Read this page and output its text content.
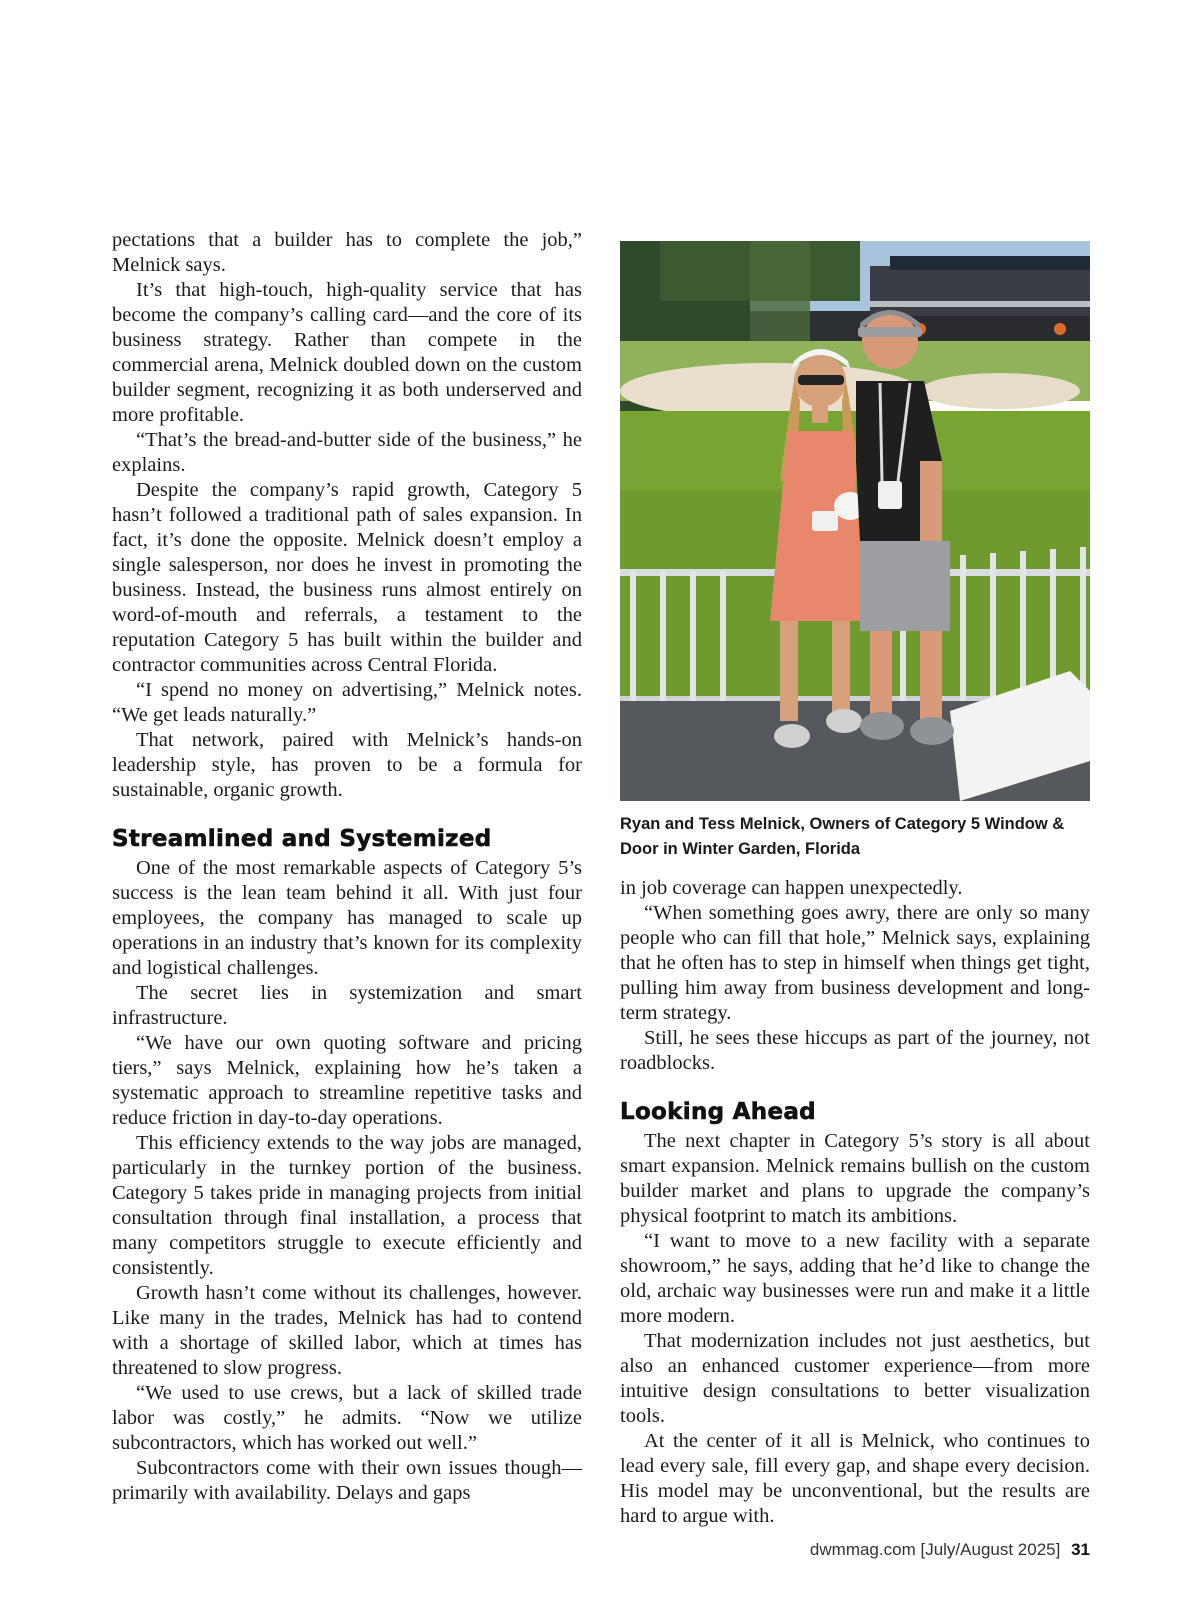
pectations that a builder has to complete the job,” Melnick says.

It’s that high-touch, high-quality service that has become the company’s calling card—and the core of its business strategy. Rather than compete in the commercial arena, Melnick doubled down on the custom builder segment, recognizing it as both underserved and more profitable.

“That’s the bread-and-butter side of the business,” he explains.

Despite the company’s rapid growth, Category 5 hasn’t followed a traditional path of sales expansion. In fact, it’s done the opposite. Melnick doesn’t employ a single salesperson, nor does he invest in promoting the business. Instead, the business runs almost entirely on word-of-mouth and referrals, a testament to the reputation Category 5 has built within the builder and contractor communities across Central Florida.

“I spend no money on advertising,” Melnick notes. “We get leads naturally.”

That network, paired with Melnick’s hands-on leadership style, has proven to be a formula for sustainable, organic growth.

Streamlined and Systemized

One of the most remarkable aspects of Category 5’s success is the lean team behind it all. With just four employees, the company has managed to scale up operations in an industry that’s known for its complexity and logistical challenges.

The secret lies in systemization and smart infrastructure.

“We have our own quoting software and pricing tiers,” says Melnick, explaining how he’s taken a systematic approach to streamline repetitive tasks and reduce friction in day-to-day operations.

This efficiency extends to the way jobs are managed, particularly in the turnkey portion of the business. Category 5 takes pride in managing projects from initial consultation through final installation, a process that many competitors struggle to execute efficiently and consistently.

Growth hasn’t come without its challenges, however. Like many in the trades, Melnick has had to contend with a shortage of skilled labor, which at times has threatened to slow progress.

“We used to use crews, but a lack of skilled trade labor was costly,” he admits. “Now we utilize subcontractors, which has worked out well.”

Subcontractors come with their own issues though—primarily with availability. Delays and gaps

Ryan and Tess Melnick, Owners of Category 5 Window & Door in Winter Garden, Florida

in job coverage can happen unexpectedly.

“When something goes awry, there are only so many people who can fill that hole,” Melnick says, explaining that he often has to step in himself when things get tight, pulling him away from business development and long-term strategy.

Still, he sees these hiccups as part of the journey, not roadblocks.

Looking Ahead

The next chapter in Category 5’s story is all about smart expansion. Melnick remains bullish on the custom builder market and plans to upgrade the company’s physical footprint to match its ambitions.

“I want to move to a new facility with a separate showroom,” he says, adding that he’d like to change the old, archaic way businesses were run and make it a little more modern.

That modernization includes not just aesthetics, but also an enhanced customer experience—from more intuitive design consultations to better visualization tools.

At the center of it all is Melnick, who continues to lead every sale, fill every gap, and shape every decision. His model may be unconventional, but the results are hard to argue with.

dwmmag.com [July/August 2025] 31
